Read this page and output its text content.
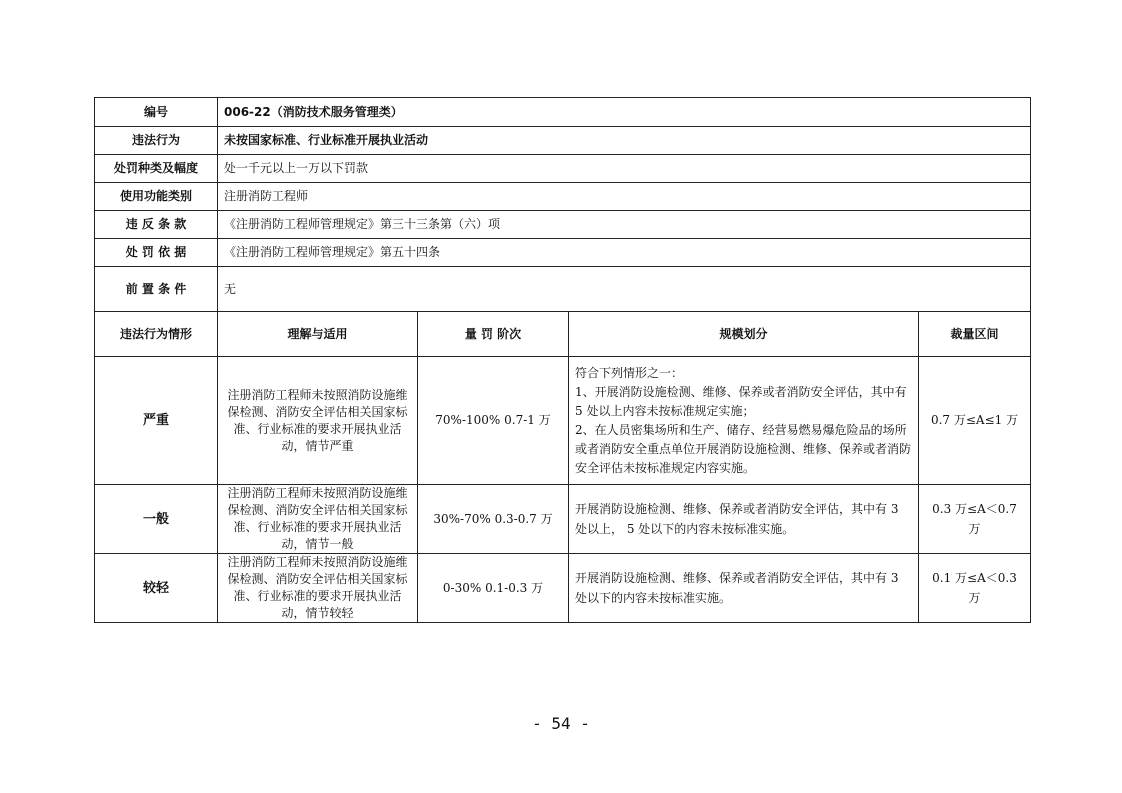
编号	006-22（消防技术服务管理类）			
违法行为	未按国家标准、行业标准开展执业活动			
处罚种类及幅度	处一千元以上一万以下罚款			
使用功能类别	注册消防工程师			
违 反 条 款	《注册消防工程师管理规定》第三十三条第（六）项			
处 罚 依 据	《注册消防工程师管理规定》第五十四条			
前 置 条 件	无			
违法行为情形	理解与适用	量 罚 阶次	规模划分	裁量区间
严重	注册消防工程师未按照消防设施维保检测、消防安全评估相关国家标准、行业标准的要求开展执业活动，情节严重	70%-100% 0.7-1 万	符合下列情形之一：
1、开展消防设施检测、维修、保养或者消防安全评估，其中有 5 处以上内容未按标准规定实施；
2、在人员密集场所和生产、储存、经营易燃易爆危险品的场所或者消防安全重点单位开展消防设施检测、维修、保养或者消防安全评估未按标准规定内容实施。	0.7 万≤A≤1 万
一般	注册消防工程师未按照消防设施维保检测、消防安全评估相关国家标准、行业标准的要求开展执业活动，情节一般	30%-70% 0.3-0.7 万	开展消防设施检测、维修、保养或者消防安全评估，其中有 3 处以上， 5 处以下的内容未按标准实施。	0.3 万≤A＜0.7 万
较轻	注册消防工程师未按照消防设施维保检测、消防安全评估相关国家标准、行业标准的要求开展执业活动，情节较轻	0-30% 0.1-0.3 万	开展消防设施检测、维修、保养或者消防安全评估，其中有 3 处以下的内容未按标准实施。	0.1 万≤A＜0.3 万
- 54 -
